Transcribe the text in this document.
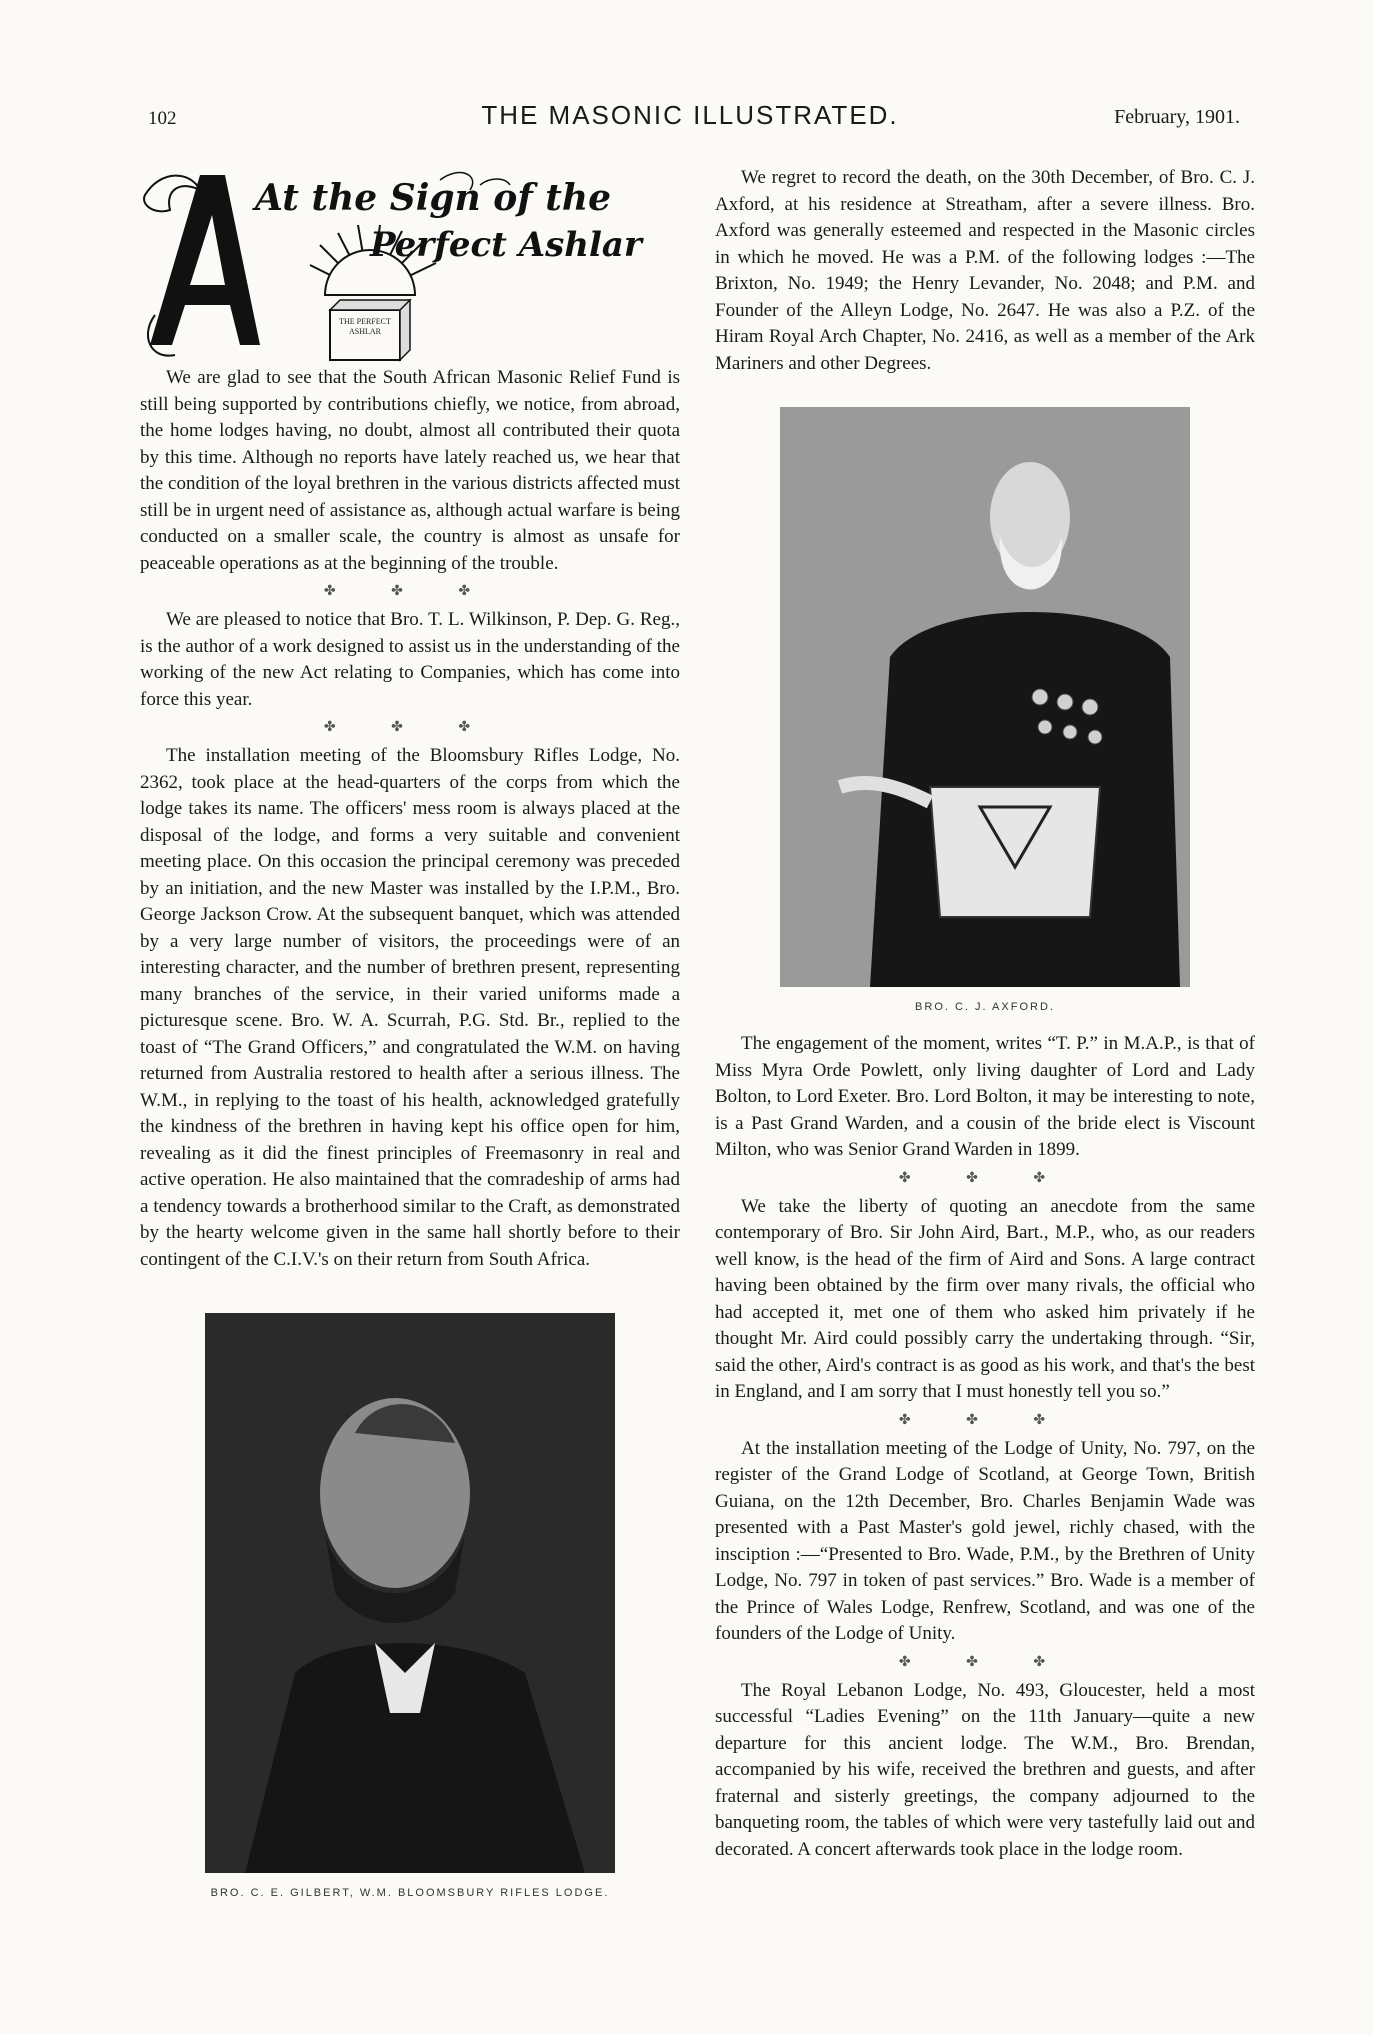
102	THE MASONIC ILLUSTRATED.	February, 1901.
At the Sign of the
Perfect Ashlar
THE PERFECT ASHLAR

We are glad to see that the South African Masonic Relief Fund is still being supported by contributions chiefly, we notice, from abroad, the home lodges having, no doubt, almost all contributed their quota by this time. Although no reports have lately reached us, we hear that the condition of the loyal brethren in the various districts affected must still be in urgent need of assistance as, although actual warfare is being conducted on a smaller scale, the country is almost as unsafe for peaceable operations as at the beginning of the trouble.

✤ ✤ ✤

We are pleased to notice that Bro. T. L. Wilkinson, P. Dep. G. Reg., is the author of a work designed to assist us in the understanding of the working of the new Act relating to Companies, which has come into force this year.

✤ ✤ ✤

The installation meeting of the Bloomsbury Rifles Lodge, No. 2362, took place at the head-quarters of the corps from which the lodge takes its name. The officers' mess room is always placed at the disposal of the lodge, and forms a very suitable and convenient meeting place. On this occasion the principal ceremony was preceded by an initiation, and the new Master was installed by the I.P.M., Bro. George Jackson Crow. At the subsequent banquet, which was attended by a very large number of visitors, the proceedings were of an interesting character, and the number of brethren present, representing many branches of the service, in their varied uniforms made a picturesque scene. Bro. W. A. Scurrah, P.G. Std. Br., replied to the toast of “The Grand Officers,” and congratulated the W.M. on having returned from Australia restored to health after a serious illness. The W.M., in replying to the toast of his health, acknowledged gratefully the kindness of the brethren in having kept his office open for him, revealing as it did the finest principles of Freemasonry in real and active operation. He also maintained that the comradeship of arms had a tendency towards a brotherhood similar to the Craft, as demonstrated by the hearty welcome given in the same hall shortly before to their contingent of the C.I.V.'s on their return from South Africa.

BRO. C. E. GILBERT, W.M. BLOOMSBURY RIFLES LODGE.

We regret to record the death, on the 30th December, of Bro. C. J. Axford, at his residence at Streatham, after a severe illness. Bro. Axford was generally esteemed and respected in the Masonic circles in which he moved. He was a P.M. of the following lodges :—The Brixton, No. 1949; the Henry Levander, No. 2048; and P.M. and Founder of the Alleyn Lodge, No. 2647. He was also a P.Z. of the Hiram Royal Arch Chapter, No. 2416, as well as a member of the Ark Mariners and other Degrees.

BRO. C. J. AXFORD.

The engagement of the moment, writes “T. P.” in M.A.P., is that of Miss Myra Orde Powlett, only living daughter of Lord and Lady Bolton, to Lord Exeter. Bro. Lord Bolton, it may be interesting to note, is a Past Grand Warden, and a cousin of the bride elect is Viscount Milton, who was Senior Grand Warden in 1899.

✤ ✤ ✤

We take the liberty of quoting an anecdote from the same contemporary of Bro. Sir John Aird, Bart., M.P., who, as our readers well know, is the head of the firm of Aird and Sons. A large contract having been obtained by the firm over many rivals, the official who had accepted it, met one of them who asked him privately if he thought Mr. Aird could possibly carry the undertaking through. “Sir, said the other, Aird's contract is as good as his work, and that's the best in England, and I am sorry that I must honestly tell you so.”

✤ ✤ ✤

At the installation meeting of the Lodge of Unity, No. 797, on the register of the Grand Lodge of Scotland, at George Town, British Guiana, on the 12th December, Bro. Charles Benjamin Wade was presented with a Past Master's gold jewel, richly chased, with the insciption :—“Presented to Bro. Wade, P.M., by the Brethren of Unity Lodge, No. 797 in token of past services.” Bro. Wade is a member of the Prince of Wales Lodge, Renfrew, Scotland, and was one of the founders of the Lodge of Unity.

✤ ✤ ✤

The Royal Lebanon Lodge, No. 493, Gloucester, held a most successful “Ladies Evening” on the 11th January—quite a new departure for this ancient lodge. The W.M., Bro. Brendan, accompanied by his wife, received the brethren and guests, and after fraternal and sisterly greetings, the company adjourned to the banqueting room, the tables of which were very tastefully laid out and decorated. A concert afterwards took place in the lodge room.
